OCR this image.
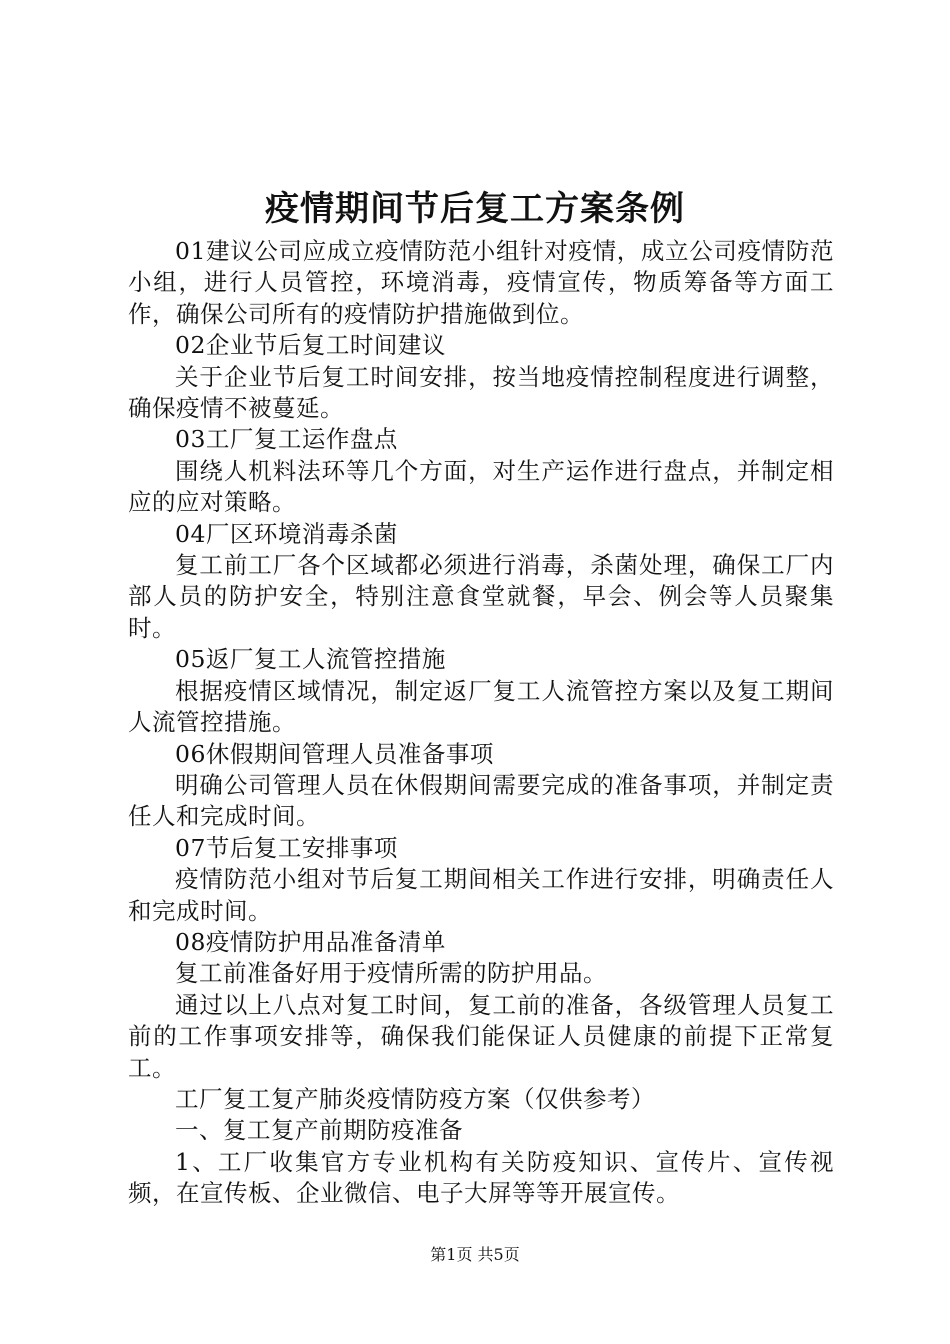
疫情期间节后复工方案条例

01建议公司应成立疫情防范小组针对疫情，成立公司疫情防范小组，进行人员管控，环境消毒，疫情宣传，物质筹备等方面工作，确保公司所有的疫情防护措施做到位。

02企业节后复工时间建议

关于企业节后复工时间安排，按当地疫情控制程度进行调整，确保疫情不被蔓延。

03工厂复工运作盘点

围绕人机料法环等几个方面，对生产运作进行盘点，并制定相应的应对策略。

04厂区环境消毒杀菌

复工前工厂各个区域都必须进行消毒，杀菌处理，确保工厂内部人员的防护安全，特别注意食堂就餐，早会、例会等人员聚集时。

05返厂复工人流管控措施

根据疫情区域情况，制定返厂复工人流管控方案以及复工期间人流管控措施。

06休假期间管理人员准备事项

明确公司管理人员在休假期间需要完成的准备事项，并制定责任人和完成时间。

07节后复工安排事项

疫情防范小组对节后复工期间相关工作进行安排，明确责任人和完成时间。

08疫情防护用品准备清单

复工前准备好用于疫情所需的防护用品。

通过以上八点对复工时间，复工前的准备，各级管理人员复工前的工作事项安排等，确保我们能保证人员健康的前提下正常复工。

工厂复工复产肺炎疫情防疫方案（仅供参考）

一、复工复产前期防疫准备

1、工厂收集官方专业机构有关防疫知识、宣传片、宣传视频，在宣传板、企业微信、电子大屏等等开展宣传。

第1页 共5页
